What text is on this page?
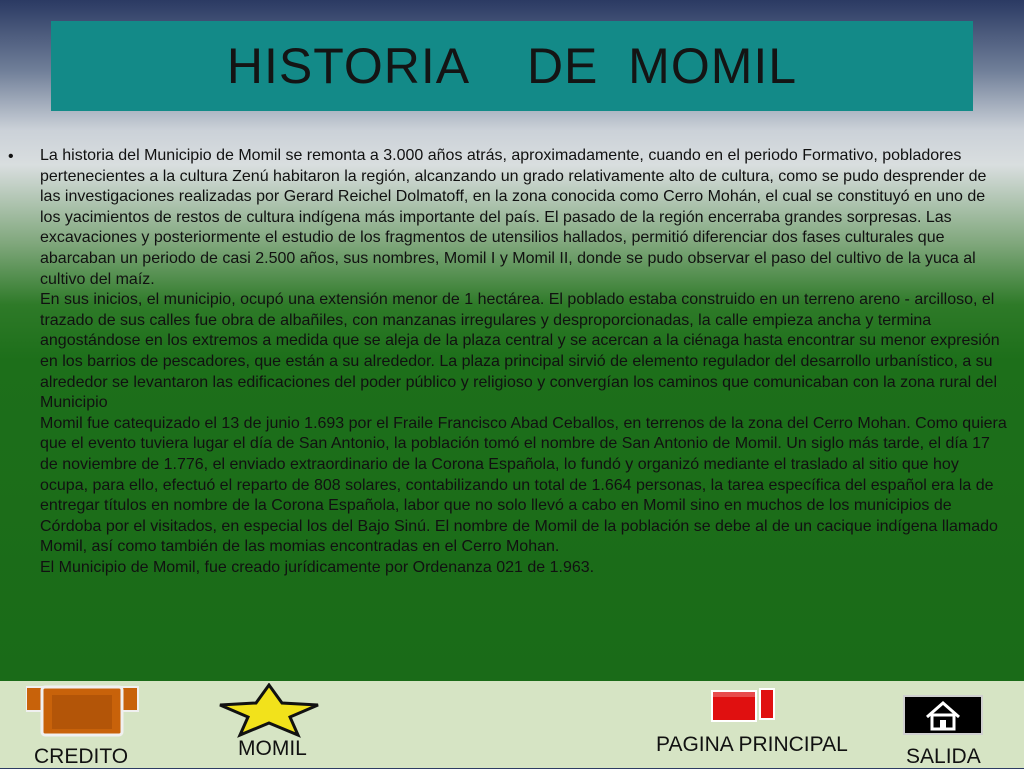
HISTORIA    DE  MOMIL
• La historia del Municipio de Momil se remonta a 3.000 años atrás, aproximadamente, cuando en el periodo Formativo, pobladores pertenecientes a la cultura Zenú habitaron la región, alcanzando un grado relativamente alto de cultura, como se pudo desprender de las investigaciones realizadas por Gerard Reichel Dolmatoff, en la zona conocida como Cerro Mohán, el cual se constituyó en uno de los yacimientos de restos de cultura indígena más importante del país. El pasado de la región encerraba grandes sorpresas. Las excavaciones y posteriormente el estudio de los fragmentos de utensilios hallados, permitió diferenciar dos fases culturales que abarcaban un periodo de casi 2.500 años, sus nombres, Momil I y Momil II, donde se pudo observar el paso del cultivo de la yuca al cultivo del maíz.

En sus inicios, el municipio, ocupó una extensión menor de 1 hectárea. El poblado estaba construido en un terreno areno - arcilloso, el trazado de sus calles fue obra de albañiles, con manzanas irregulares y desproporcionadas, la calle empieza ancha y termina angostándose en los extremos a medida que se aleja de la plaza central y se acercan a la ciénaga hasta encontrar su menor expresión en los barrios de pescadores, que están a su alrededor. La plaza principal sirvió de elemento regulador del desarrollo urbanístico, a su alrededor se levantaron las edificaciones del poder público y religioso y convergían los caminos que comunicaban con la zona rural del Municipio

Momil fue catequizado el 13 de junio 1.693 por el Fraile Francisco Abad Ceballos, en terrenos de la zona del Cerro Mohan. Como quiera que el evento tuviera lugar el día de San Antonio, la población tomó el nombre de San Antonio de Momil. Un siglo más tarde, el día 17 de noviembre de 1.776, el enviado extraordinario de la Corona Española, lo fundó y organizó mediante el traslado al sitio que hoy ocupa, para ello, efectuó el reparto de 808 solares, contabilizando un total de 1.664 personas, la tarea específica del español era la de entregar títulos en nombre de la Corona Española, labor que no solo llevó a cabo en Momil sino en muchos de los municipios de Córdoba por el visitados, en especial los del Bajo Sinú. El nombre de Momil de la población se debe al de un cacique indígena llamado Momil, así como también de las momias encontradas en el Cerro Mohan.

El Municipio de Momil, fue creado jurídicamente por Ordenanza 021 de 1.963.

CREDITO	MOMIL	PAGINA PRINCIPAL
SALIDA
